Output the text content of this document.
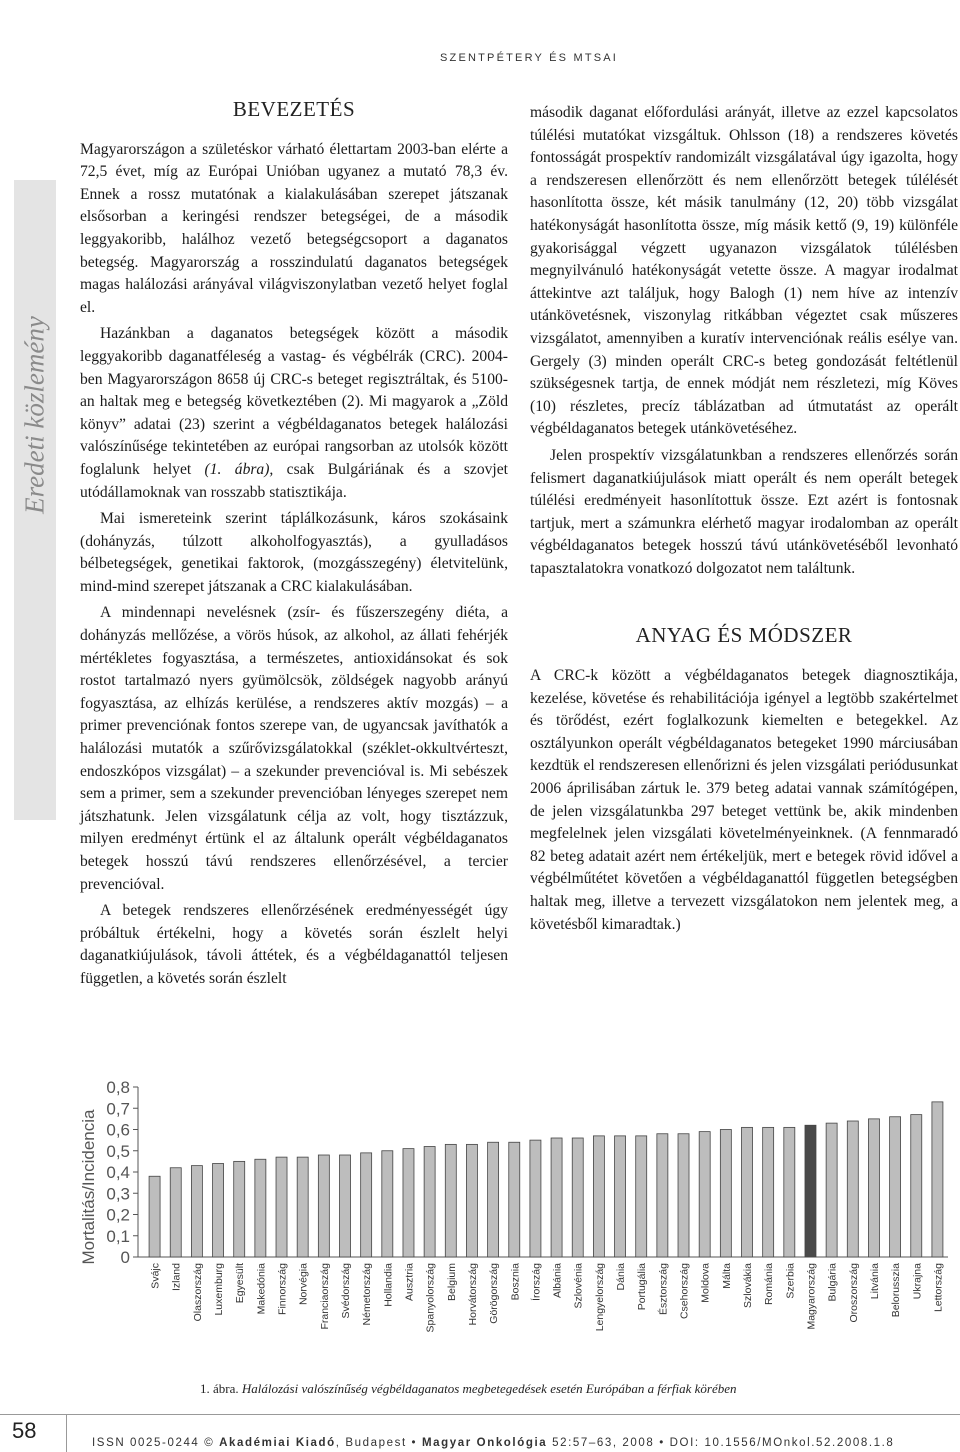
SZENTPÉTERY ÉS MTSAI
Eredeti közlemény
BEVEZETÉS

Magyarországon a születéskor várható élettartam 2003-ban elérte a 72,5 évet, míg az Európai Unióban ugyanez a mutató 78,3 év. Ennek a rossz mutatónak a kialakulásában szerepet játszanak elsősorban a keringési rendszer betegségei, de a második leggyakoribb, halálhoz vezető betegségcsoport a daganatos betegség. Magyarország a rosszindulatú daganatos betegségek magas halálozási arányával világviszonylatban vezető helyet foglal el.

Hazánkban a daganatos betegségek között a második leggyakoribb daganatféleség a vastag- és végbélrák (CRC). 2004-ben Magyarországon 8658 új CRC-s beteget regisztráltak, és 5100-an haltak meg e betegség következtében (2). Mi magyarok a „Zöld könyv” adatai (23) szerint a végbéldaganatos betegek halálozási valószínűsége tekintetében az európai rangsorban az utolsók között foglalunk helyet (1. ábra), csak Bulgáriának és a szovjet utódállamoknak van rosszabb statisztikája.

Mai ismereteink szerint táplálkozásunk, káros szokásaink (dohányzás, túlzott alkoholfogyasztás), a gyulladásos bélbetegségek, genetikai faktorok, (mozgásszegény) életvitelünk, mind-mind szerepet játszanak a CRC kialakulásában.

A mindennapi nevelésnek (zsír- és fűszerszegény diéta, a dohányzás mellőzése, a vörös húsok, az alkohol, az állati fehérjék mértékletes fogyasztása, a természetes, antioxidánsokat és sok rostot tartalmazó nyers gyümölcsök, zöldségek nagyobb arányú fogyasztása, az elhízás kerülése, a rendszeres aktív mozgás) – a primer prevenciónak fontos szerepe van, de ugyancsak javíthatók a halálozási mutatók a szűrővizsgálatokkal (széklet-okkultvérteszt, endoszkópos vizsgálat) – a szekunder prevencióval is. Mi sebészek sem a primer, sem a szekunder prevencióban lényeges szerepet nem játszhatunk. Jelen vizsgálatunk célja az volt, hogy tisztázzuk, milyen eredményt értünk el az általunk operált végbéldaganatos betegek hosszú távú rendszeres ellenőrzésével, a tercier prevencióval.

A betegek rendszeres ellenőrzésének eredményességét úgy próbáltuk értékelni, hogy a követés során észlelt helyi daganatkiújulások, távoli áttétek, és a végbéldaganattól teljesen független, a követés során észlelt

második daganat előfordulási arányát, illetve az ezzel kapcsolatos túlélési mutatókat vizsgáltuk. Ohlsson (18) a rendszeres követés fontosságát prospektív randomizált vizsgálatával úgy igazolta, hogy a rendszeresen ellenőrzött és nem ellenőrzött betegek túlélését hasonlította össze, két másik tanulmány (12, 20) több vizsgálat hatékonyságát hasonlította össze, míg másik kettő (9, 19) különféle gyakorisággal végzett ugyanazon vizsgálatok túlélésben megnyilvánuló hatékonyságát vetette össze. A magyar irodalmat áttekintve azt találjuk, hogy Balogh (1) nem híve az intenzív utánkövetésnek, viszonylag ritkábban végeztet csak műszeres vizsgálatot, amennyiben a kuratív intervenciónak reális esélye van. Gergely (3) minden operált CRC-s beteg gondozását feltétlenül szükségesnek tartja, de ennek módját nem részletezi, míg Köves (10) részletes, precíz táblázatban ad útmutatást az operált végbéldaganatos betegek utánkövetéséhez.

Jelen prospektív vizsgálatunkban a rendszeres ellenőrzés során felismert daganatkiújulások miatt operált és nem operált betegek túlélési eredményeit hasonlítottuk össze. Ezt azért is fontosnak tartjuk, mert a számunkra elérhető magyar irodalomban az operált végbéldaganatos betegek hosszú távú utánkövetéséből levonható tapasztalatokra vonatkozó dolgozatot nem találtunk.

ANYAG ÉS MÓDSZER

A CRC-k között a végbéldaganatos betegek diagnosztikája, kezelése, követése és rehabilitációja igényel a legtöbb szakértelmet és törődést, ezért foglalkozunk kiemelten e betegekkel. Az osztályunkon operált végbéldaganatos betegeket 1990 márciusában kezdtük el rendszeresen ellenőrizni és jelen vizsgálati periódusunkat 2006 áprilisában zártuk le. 379 beteg adatai vannak számítógépen, de jelen vizsgálatunkba 297 beteget vettünk be, akik mindenben megfelelnek jelen vizsgálati követelményeinknek. (A fennmaradó 82 beteg adatait azért nem értékeljük, mert e betegek rövid idővel a végbélműtétet követően a végbéldaganattól független betegségben haltak meg, illetve a tervezett vizsgálatokon nem jelentek meg, a követésből kimaradtak.)

Mortalitás/Incidencia 0
0,1
0,2
0,3
0,4
0,5
0,6
0,7
0,8
Svájc Izland Olaszország Luxemburg Egyesült Makedónia Finnország Norvégia Franciaország Svédország Németország Hollandia Ausztria Spanyolország Belgium Horvátország Görögország Bosznia Írország Albánia Szlovénia Lengyelország Dánia Portugália Észtország Csehország Moldova Málta Szlovákia Románia Szerbia Magyarország Bulgária Oroszország Litvánia Belorusszia Ukrajna Lettország
1. ábra. Halálozási valószínűség végbéldaganatos megbetegedések esetén Európában a férfiak körében
58	ISSN 0025-0244 © Akadémiai Kiadó, Budapest • Magyar Onkológia 52:57–63, 2008 • DOI: 10.1556/MOnkol.52.2008.1.8
